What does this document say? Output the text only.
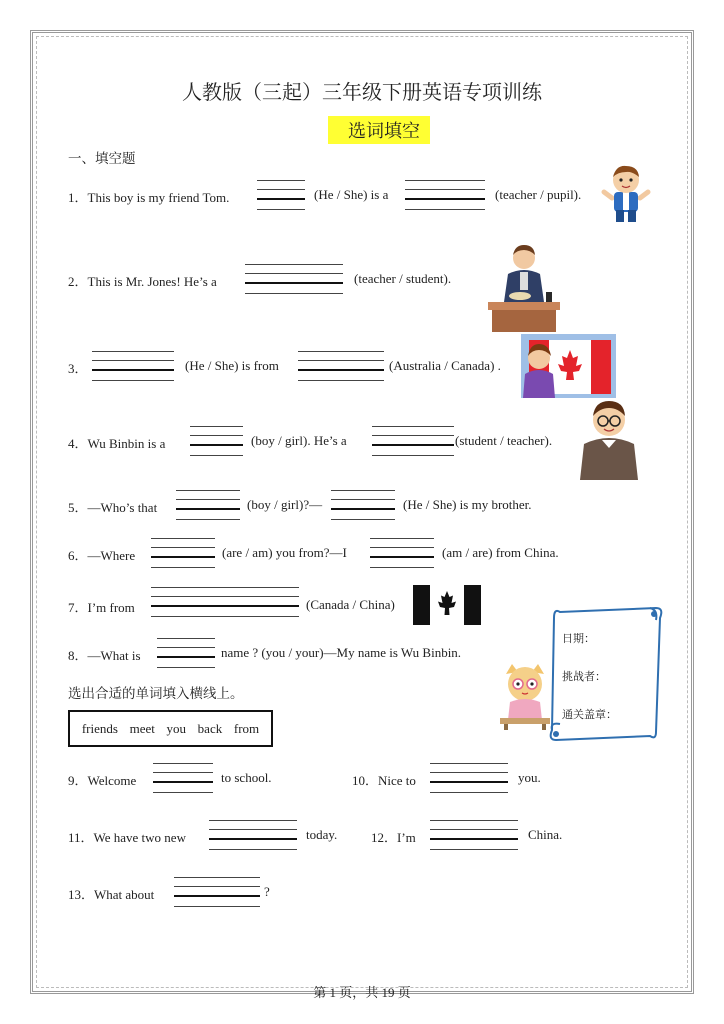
人教版（三起）三年级下册英语专项训练
选词填空
一、填空题
1．This boy is my friend Tom.	(He / She) is a	(teacher / pupil).
2．This is Mr. Jones! He’s a	(teacher / student).
3．	(He / She) is from	(Australia / Canada) .
4．Wu Binbin is a	(boy / girl). He’s a	(student / teacher).
5．—Who’s that	(boy / girl)?—	(He / She) is my brother.
6．—Where	(are / am) you from?—I	(am / are) from China.
7．I’m from	(Canada / China)
8．—What is	name ? (you / your)—My name is Wu Binbin.
日期：
挑战者：
通关盖章：
选出合适的单词填入横线上。
friends meet you back from
9．Welcome	to school.	10．Nice to	you.
11．We have two new	today.	12．I’m	China.
13．What about	?
第 1 页，共 19 页
